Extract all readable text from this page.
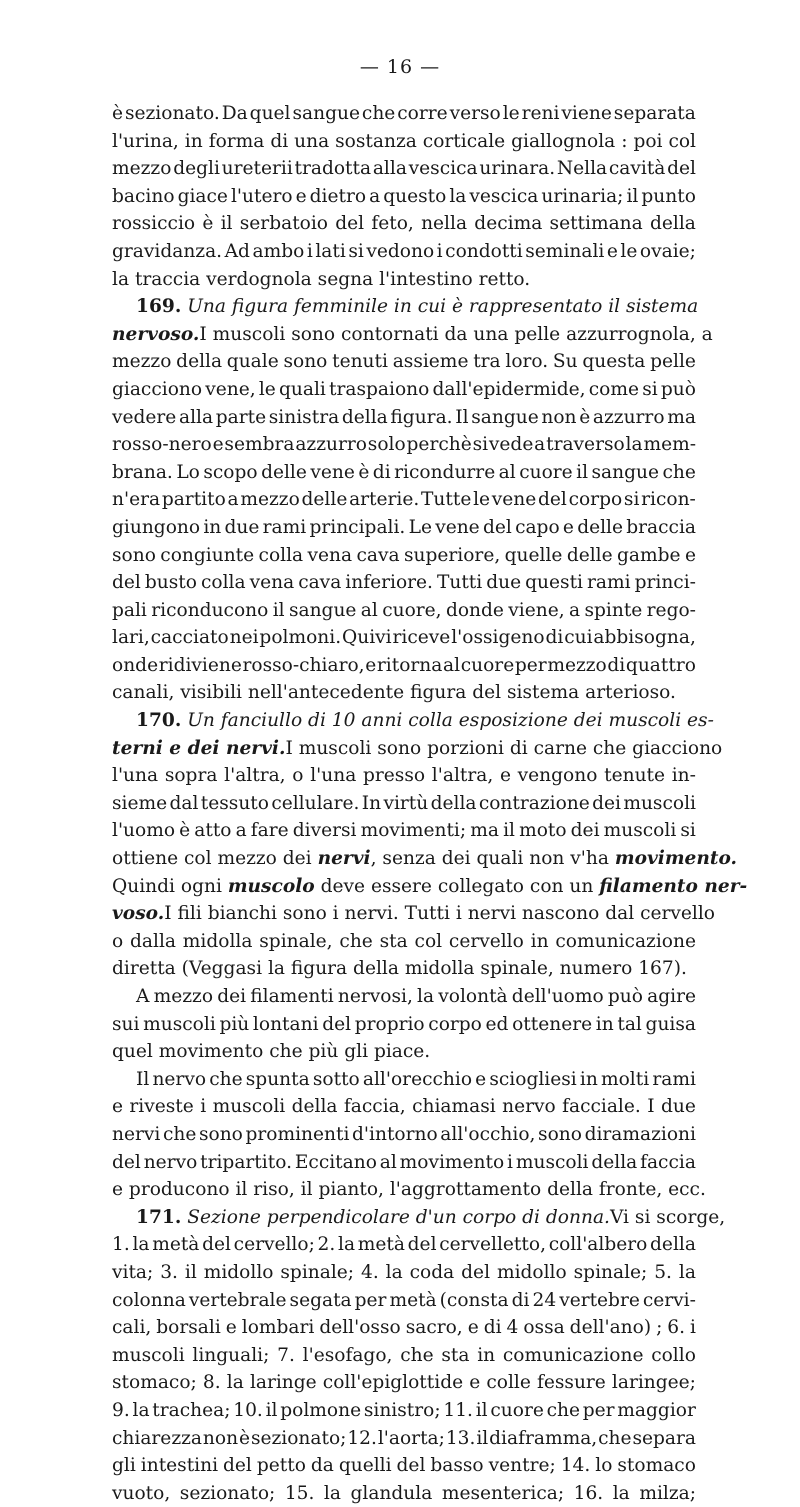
— 16 —
è sezionato. Da quel sangue che corre verso le reni viene separata
l'urina, in forma di una sostanza corticale giallognola : poi col
mezzo degli ureterii tradotta alla vescica urinara. Nella cavità del
bacino giace l'utero e dietro a questo la vescica urinaria; il punto
rossiccio è il serbatoio del feto, nella decima settimana della
gravidanza. Ad ambo i lati si vedono i condotti seminali e le ovaie;
la traccia verdognola segna l'intestino retto.
169. Una figura femminile in cui è rappresentato il sistema
nervoso. I muscoli sono contornati da una pelle azzurrognola, a
mezzo della quale sono tenuti assieme tra loro. Su questa pelle
giacciono vene, le quali traspaiono dall'epidermide, come si può
vedere alla parte sinistra della figura. Il sangue non è azzurro ma
rosso-nero e sembra azzurro solo perchè si vede a traverso la mem-
brana. Lo scopo delle vene è di ricondurre al cuore il sangue che
n'era partito a mezzo delle arterie. Tutte le vene del corpo si ricon-
giungono in due rami principali. Le vene del capo e delle braccia
sono congiunte colla vena cava superiore, quelle delle gambe e
del busto colla vena cava inferiore. Tutti due questi rami princi-
pali riconducono il sangue al cuore, donde viene, a spinte rego-
lari, cacciato nei polmoni. Quivi riceve l'ossigeno di cui abbisogna,
onde ridiviene rosso-chiaro, e ritorna al cuore per mezzo di quattro
canali, visibili nell'antecedente figura del sistema arterioso.
170. Un fanciullo di 10 anni colla esposizione dei muscoli es-
terni e dei nervi. I muscoli sono porzioni di carne che giacciono
l'una sopra l'altra, o l'una presso l'altra, e vengono tenute in-
sieme dal tessuto cellulare. In virtù della contrazione dei muscoli
l'uomo è atto a fare diversi movimenti; ma il moto dei muscoli si
ottiene col mezzo dei nervi, senza dei quali non v'ha movimento.
Quindi ogni muscolo deve essere collegato con un filamento ner-
voso. I fili bianchi sono i nervi. Tutti i nervi nascono dal cervello
o dalla midolla spinale, che sta col cervello in comunicazione
diretta (Veggasi la figura della midolla spinale, numero 167).
A mezzo dei filamenti nervosi, la volontà dell'uomo può agire
sui muscoli più lontani del proprio corpo ed ottenere in tal guisa
quel movimento che più gli piace.
Il nervo che spunta sotto all'orecchio e sciogliesi in molti rami
e riveste i muscoli della faccia, chiamasi nervo facciale. I due
nervi che sono prominenti d'intorno all'occhio, sono diramazioni
del nervo tripartito. Eccitano al movimento i muscoli della faccia
e producono il riso, il pianto, l'aggrottamento della fronte, ecc.
171. Sezione perpendicolare d'un corpo di donna. Vi si scorge,
1. la metà del cervello; 2. la metà del cervelletto, coll'albero della
vita; 3. il midollo spinale; 4. la coda del midollo spinale; 5. la
colonna vertebrale segata per metà (consta di 24 vertebre cervi-
cali, borsali e lombari dell'osso sacro, e di 4 ossa dell'ano) ; 6. i
muscoli linguali; 7. l'esofago, che sta in comunicazione collo
stomaco; 8. la laringe coll'epiglottide e colle fessure laringee;
9. la trachea; 10. il polmone sinistro; 11. il cuore che per maggior
chiarezza non è sezionato; 12. l'aorta; 13. il diaframma, che separa
gli intestini del petto da quelli del basso ventre; 14. lo stomaco
vuoto, sezionato; 15. la glandula mesenterica; 16. la milza;
